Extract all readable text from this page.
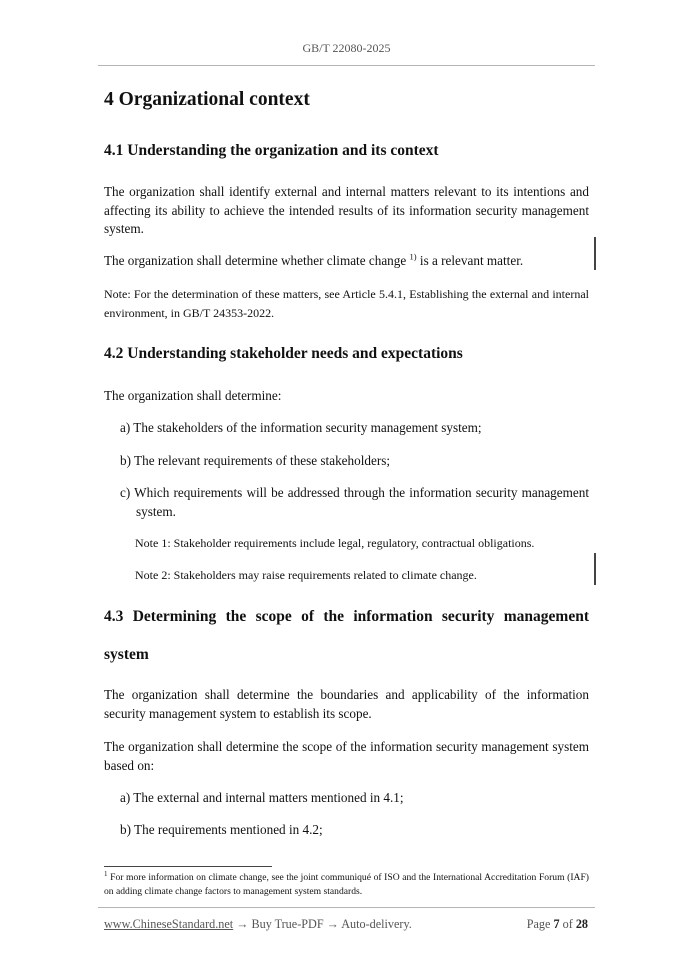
GB/T 22080-2025
4 Organizational context
4.1 Understanding the organization and its context

The organization shall identify external and internal matters relevant to its intentions and affecting its ability to achieve the intended results of its information security management system.

The organization shall determine whether climate change $^{1)}$ is a relevant matter.

Note: For the determination of these matters, see Article 5.4.1, Establishing the external and internal environment, in GB/T 24353-2022.

4.2 Understanding stakeholder needs and expectations

The organization shall determine:

a) The stakeholders of the information security management system;

b) The relevant requirements of these stakeholders;

c) Which requirements will be addressed through the information security management system.

Note 1: Stakeholder requirements include legal, regulatory, contractual obligations.

Note 2: Stakeholders may raise requirements related to climate change.

4.3 Determining the scope of the information security management
system

The organization shall determine the boundaries and applicability of the information security management system to establish its scope.

The organization shall determine the scope of the information security management system based on:

a) The external and internal matters mentioned in 4.1;

b) The requirements mentioned in 4.2;

$^1$ For more information on climate change, see the joint communiqué of ISO and the International Accreditation Forum (IAF) on adding climate change factors to management system standards.

www.ChineseStandard.net → Buy True-PDF → Auto-delivery.	Page 7 of 28
